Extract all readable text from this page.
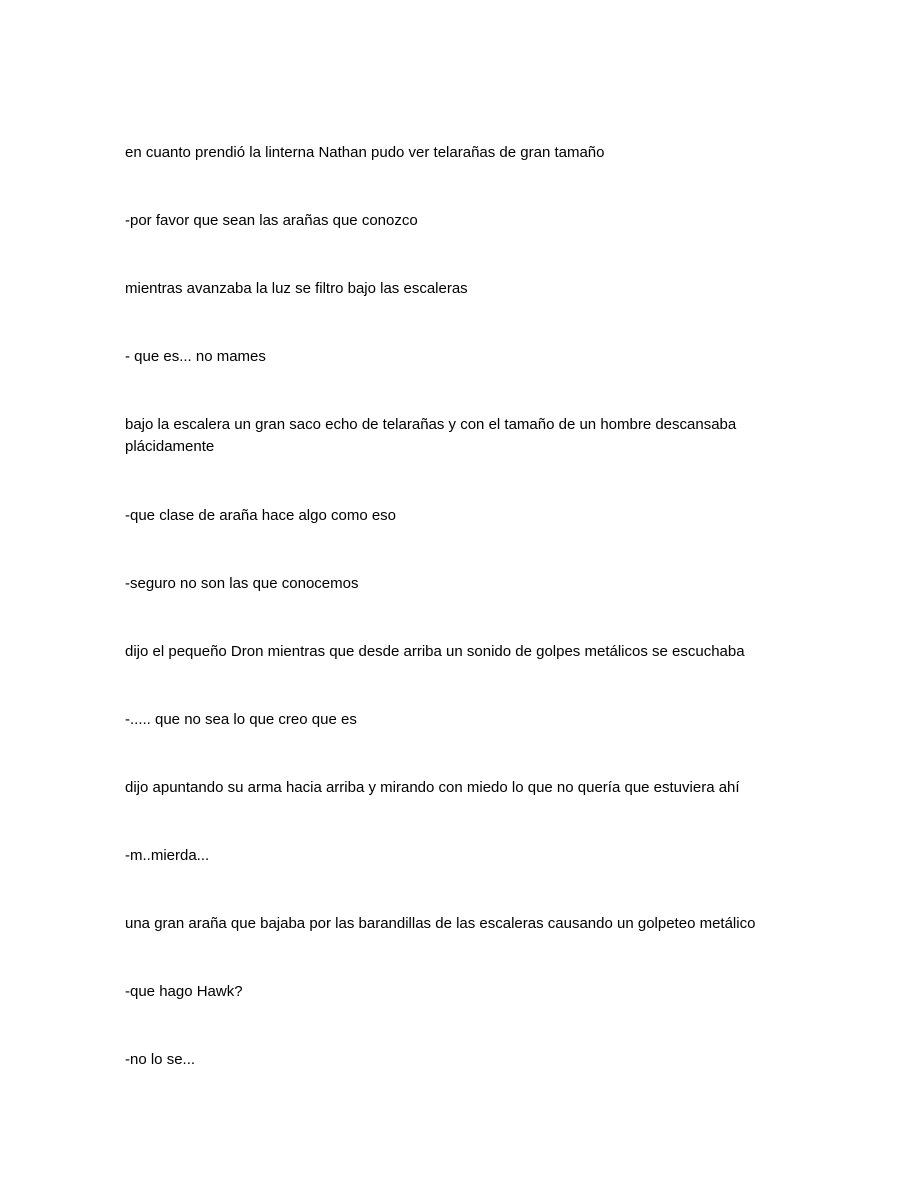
en cuanto prendió la linterna Nathan pudo ver telarañas de gran tamaño

-por favor que sean las arañas que conozco

mientras avanzaba la luz se filtro bajo las escaleras

- que es... no mames

bajo la escalera un gran saco echo de telarañas y con el tamaño de un hombre descansaba plácidamente

-que clase de araña hace algo como eso

-seguro no son las que conocemos

dijo el pequeño Dron mientras que desde arriba un sonido de golpes metálicos se escuchaba

-..... que no sea lo que creo que es

dijo apuntando su arma hacia arriba y mirando con miedo lo que no quería que estuviera ahí

-m..mierda...

una gran araña que bajaba por las barandillas de las escaleras causando un golpeteo metálico

-que hago Hawk?

-no lo se...
